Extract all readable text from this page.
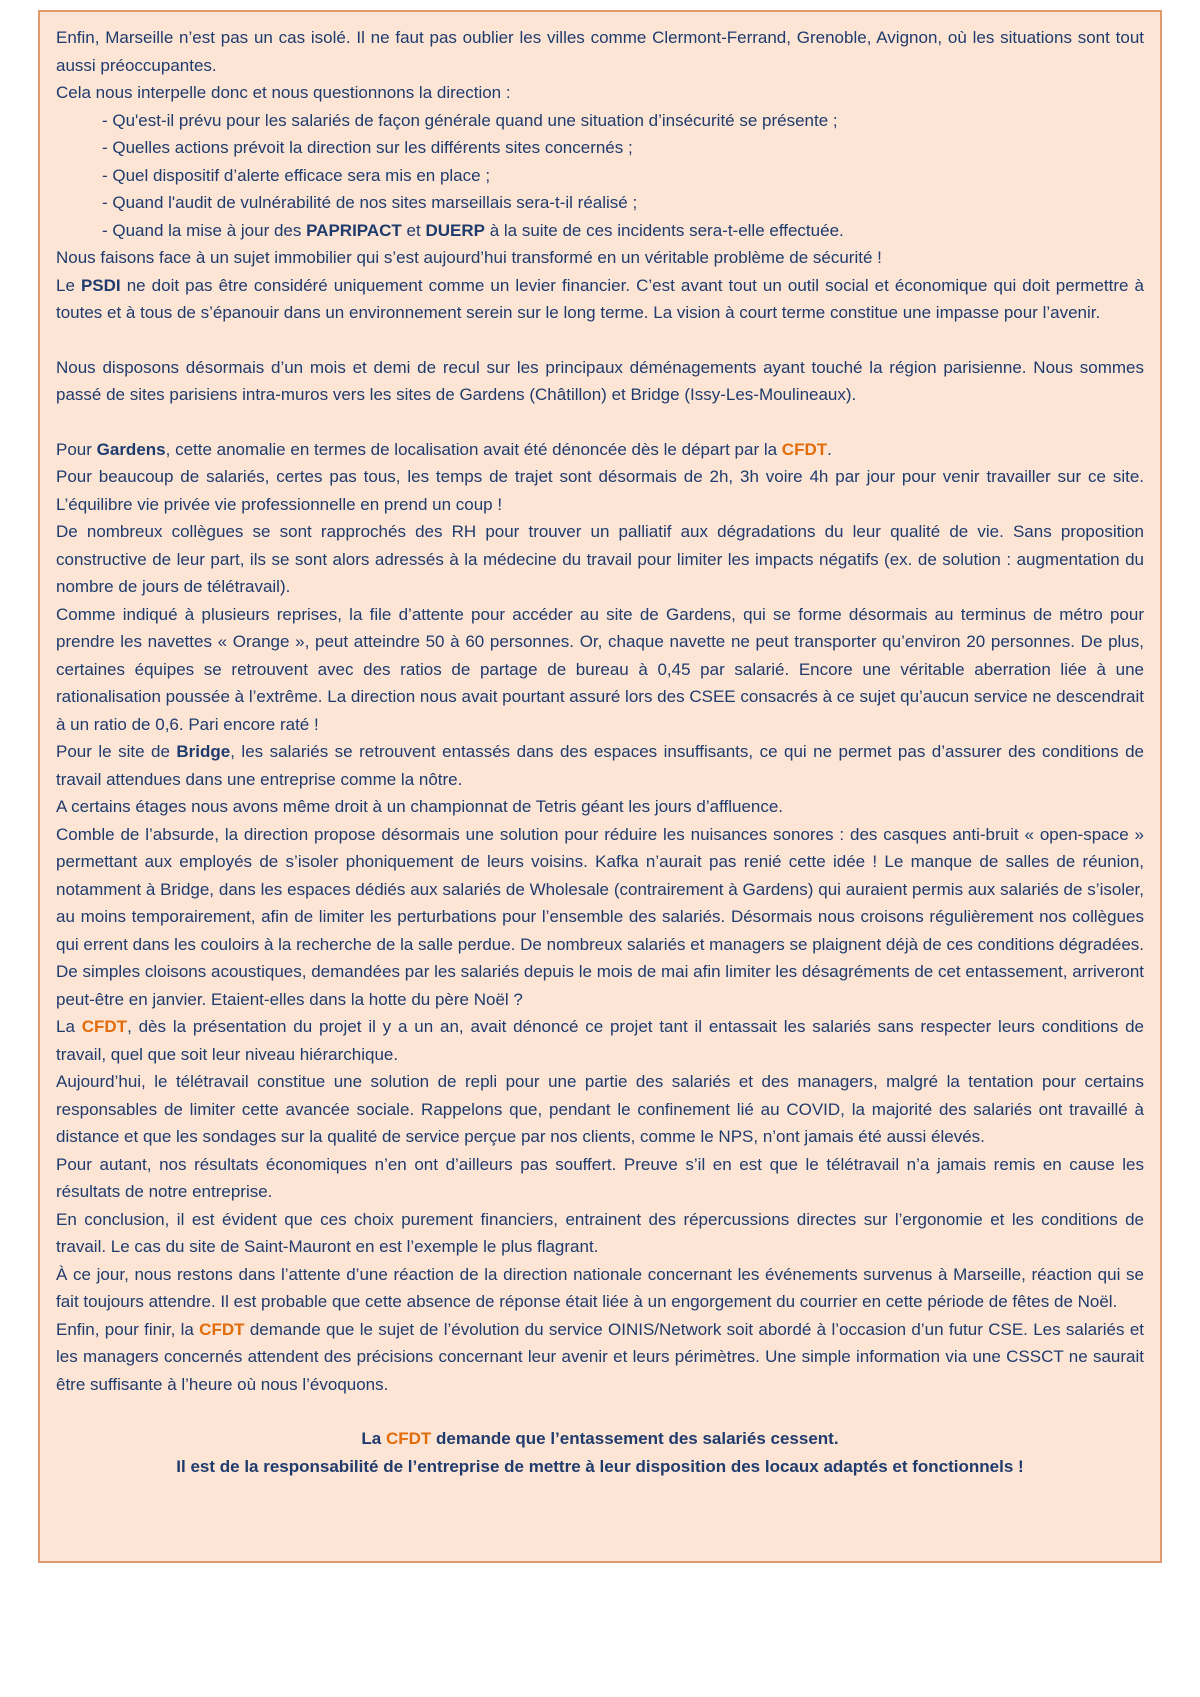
Enfin, Marseille n’est pas un cas isolé. Il ne faut pas oublier les villes comme Clermont-Ferrand, Grenoble, Avignon, où les situations sont tout aussi préoccupantes.

Cela nous interpelle donc et nous questionnons la direction :

- Qu'est-il prévu pour les salariés de façon générale quand une situation d’insécurité se présente ;

- Quelles actions prévoit la direction sur les différents sites concernés ;

- Quel dispositif d’alerte efficace sera mis en place ;

- Quand l'audit de vulnérabilité de nos sites marseillais sera-t-il réalisé ;

- Quand la mise à jour des PAPRIPACT et DUERP à la suite de ces incidents sera-t-elle effectuée.

Nous faisons face à un sujet immobilier qui s’est aujourd’hui transformé en un véritable problème de sécurité !

Le PSDI ne doit pas être considéré uniquement comme un levier financier. C’est avant tout un outil social et économique qui doit permettre à toutes et à tous de s’épanouir dans un environnement serein sur le long terme. La vision à court terme constitue une impasse pour l’avenir.

Nous disposons désormais d’un mois et demi de recul sur les principaux déménagements ayant touché la région parisienne. Nous sommes passé de sites parisiens intra-muros vers les sites de Gardens (Châtillon) et Bridge (Issy-Les-Moulineaux).

Pour Gardens, cette anomalie en termes de localisation avait été dénoncée dès le départ par la CFDT.

Pour beaucoup de salariés, certes pas tous, les temps de trajet sont désormais de 2h, 3h voire 4h par jour pour venir travailler sur ce site. L’équilibre vie privée vie professionnelle en prend un coup !

De nombreux collègues se sont rapprochés des RH pour trouver un palliatif aux dégradations du leur qualité de vie. Sans proposition constructive de leur part, ils se sont alors adressés à la médecine du travail pour limiter les impacts négatifs (ex. de solution : augmentation du nombre de jours de télétravail).

Comme indiqué à plusieurs reprises, la file d’attente pour accéder au site de Gardens, qui se forme désormais au terminus de métro pour prendre les navettes « Orange », peut atteindre 50 à 60 personnes. Or, chaque navette ne peut transporter qu’environ 20 personnes. De plus, certaines équipes se retrouvent avec des ratios de partage de bureau à 0,45 par salarié. Encore une véritable aberration liée à une rationalisation poussée à l’extrême. La direction nous avait pourtant assuré lors des CSEE consacrés à ce sujet qu’aucun service ne descendrait à un ratio de 0,6. Pari encore raté !

Pour le site de Bridge, les salariés se retrouvent entassés dans des espaces insuffisants, ce qui ne permet pas d’assurer des conditions de travail attendues dans une entreprise comme la nôtre.

A certains étages nous avons même droit à un championnat de Tetris géant les jours d’affluence.

Comble de l’absurde, la direction propose désormais une solution pour réduire les nuisances sonores : des casques anti-bruit « open-space » permettant aux employés de s’isoler phoniquement de leurs voisins. Kafka n’aurait pas renié cette idée ! Le manque de salles de réunion, notamment à Bridge, dans les espaces dédiés aux salariés de Wholesale (contrairement à Gardens) qui auraient permis aux salariés de s’isoler, au moins temporairement, afin de limiter les perturbations pour l’ensemble des salariés. Désormais nous croisons régulièrement nos collègues qui errent dans les couloirs à la recherche de la salle perdue. De nombreux salariés et managers se plaignent déjà de ces conditions dégradées. De simples cloisons acoustiques, demandées par les salariés depuis le mois de mai afin limiter les désagréments de cet entassement, arriveront peut-être en janvier. Etaient-elles dans la hotte du père Noël ?

La CFDT, dès la présentation du projet il y a un an, avait dénoncé ce projet tant il entassait les salariés sans respecter leurs conditions de travail, quel que soit leur niveau hiérarchique.

Aujourd’hui, le télétravail constitue une solution de repli pour une partie des salariés et des managers, malgré la tentation pour certains responsables de limiter cette avancée sociale. Rappelons que, pendant le confinement lié au COVID, la majorité des salariés ont travaillé à distance et que les sondages sur la qualité de service perçue par nos clients, comme le NPS, n’ont jamais été aussi élevés.

Pour autant, nos résultats économiques n’en ont d’ailleurs pas souffert. Preuve s’il en est que le télétravail n’a jamais remis en cause les résultats de notre entreprise.

En conclusion, il est évident que ces choix purement financiers, entrainent des répercussions directes sur l’ergonomie et les conditions de travail. Le cas du site de Saint-Mauront en est l’exemple le plus flagrant.

À ce jour, nous restons dans l’attente d’une réaction de la direction nationale concernant les événements survenus à Marseille, réaction qui se fait toujours attendre. Il est probable que cette absence de réponse était liée à un engorgement du courrier en cette période de fêtes de Noël.

Enfin, pour finir, la CFDT demande que le sujet de l’évolution du service OINIS/Network soit abordé à l’occasion d’un futur CSE. Les salariés et les managers concernés attendent des précisions concernant leur avenir et leurs périmètres. Une simple information via une CSSCT ne saurait être suffisante à l’heure où nous l’évoquons.

La CFDT demande que l’entassement des salariés cessent.

Il est de la responsabilité de l’entreprise de mettre à leur disposition des locaux adaptés et fonctionnels !
